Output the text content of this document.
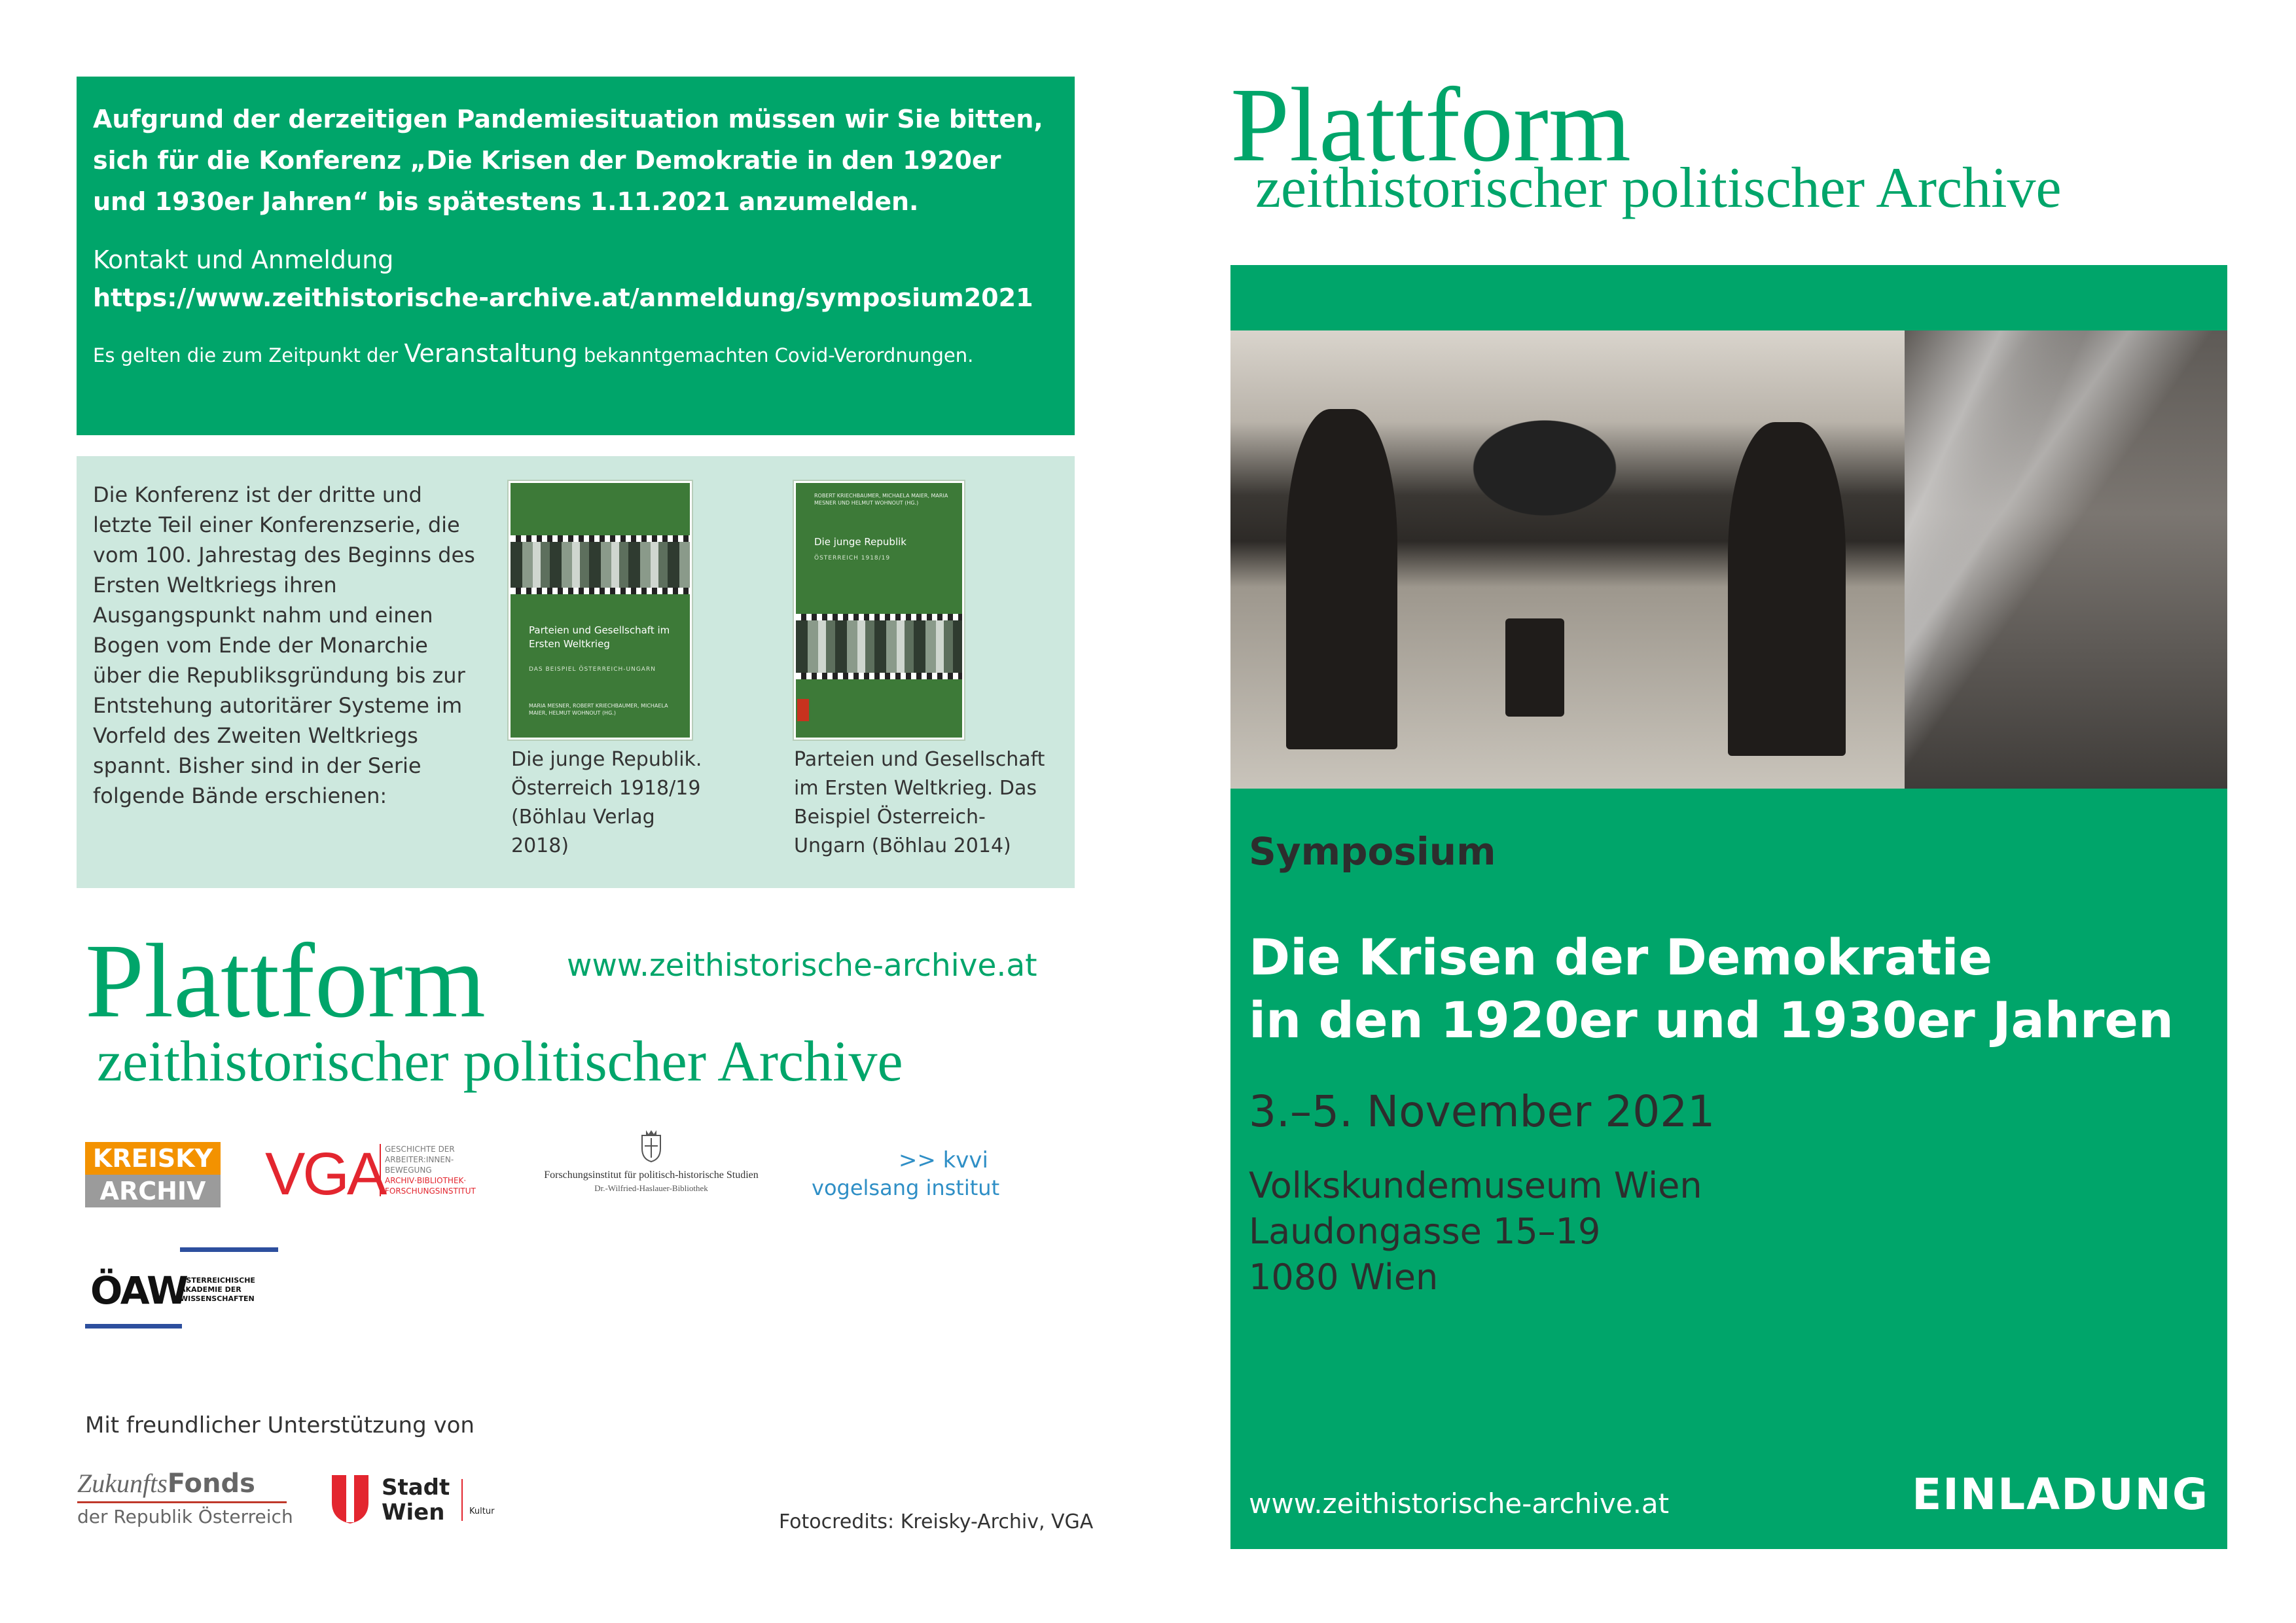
Aufgrund der derzeitigen Pandemiesituation müssen wir Sie bitten, sich für die Konferenz „Die Krisen der Demokratie in den 1920er und 1930er Jahren“ bis spätestens 1.11.2021 anzumelden.
Kontakt und Anmeldung
https://www.zeithistorische-archive.at/anmeldung/symposium2021
Es gelten die zum Zeitpunkt der Veranstaltung bekanntgemachten Covid-Verordnungen.
Die Konferenz ist der dritte und letzte Teil einer Konferenzserie, die vom 100. Jahrestag des Beginns des Ersten Weltkriegs ihren Ausgangspunkt nahm und einen Bogen vom Ende der Monarchie über die Republiksgründung bis zur Entstehung autoritärer Systeme im Vorfeld des Zweiten Weltkriegs spannt. Bisher sind in der Serie folgende Bände erschienen:
Parteien und Gesellschaft im Ersten Weltkrieg
DAS BEISPIEL ÖSTERREICH-UNGARN
MARIA MESNER, ROBERT KRIECHBAUMER, MICHAELA MAIER, HELMUT WOHNOUT (HG.)
Die junge Republik. Österreich 1918/19 (Böhlau Verlag 2018)
ROBERT KRIECHBAUMER, MICHAELA MAIER, MARIA MESNER UND HELMUT WOHNOUT (HG.)
Die junge Republik
ÖSTERREICH 1918/19
Parteien und Gesellschaft im Ersten Weltkrieg. Das Beispiel Österreich-Ungarn (Böhlau 2014)
Plattform
zeithistorischer politischer Archive
www.zeithistorische-archive.at
KREISKY
ARCHIV VGA GESCHICHTE DER
ARBEITER:INNEN-
BEWEGUNG
ARCHIV·BIBLIOTHEK·
FORSCHUNGSINSTITUT
Forschungsinstitut für politisch-historische Studien
Dr.-Wilfried-Haslauer-Bibliothek
>> kvvi
vogelsang institut
ÖAW
ÖSTERREICHISCHE
AKADEMIE DER
WISSENSCHAFTEN
Mit freundlicher Unterstützung von
ZukunftsFonds
der Republik Österreich
Stadt
Wien	Kultur	Fotocredits: Kreisky-Archiv, VGA
Plattform
zeithistorischer politischer Archive
Symposium
Die Krisen der Demokratie
in den 1920er und 1930er Jahren
3.–5. November 2021
Volkskundemuseum Wien
Laudongasse 15–19
1080 Wien
www.zeithistorische-archive.at	EINLADUNG
